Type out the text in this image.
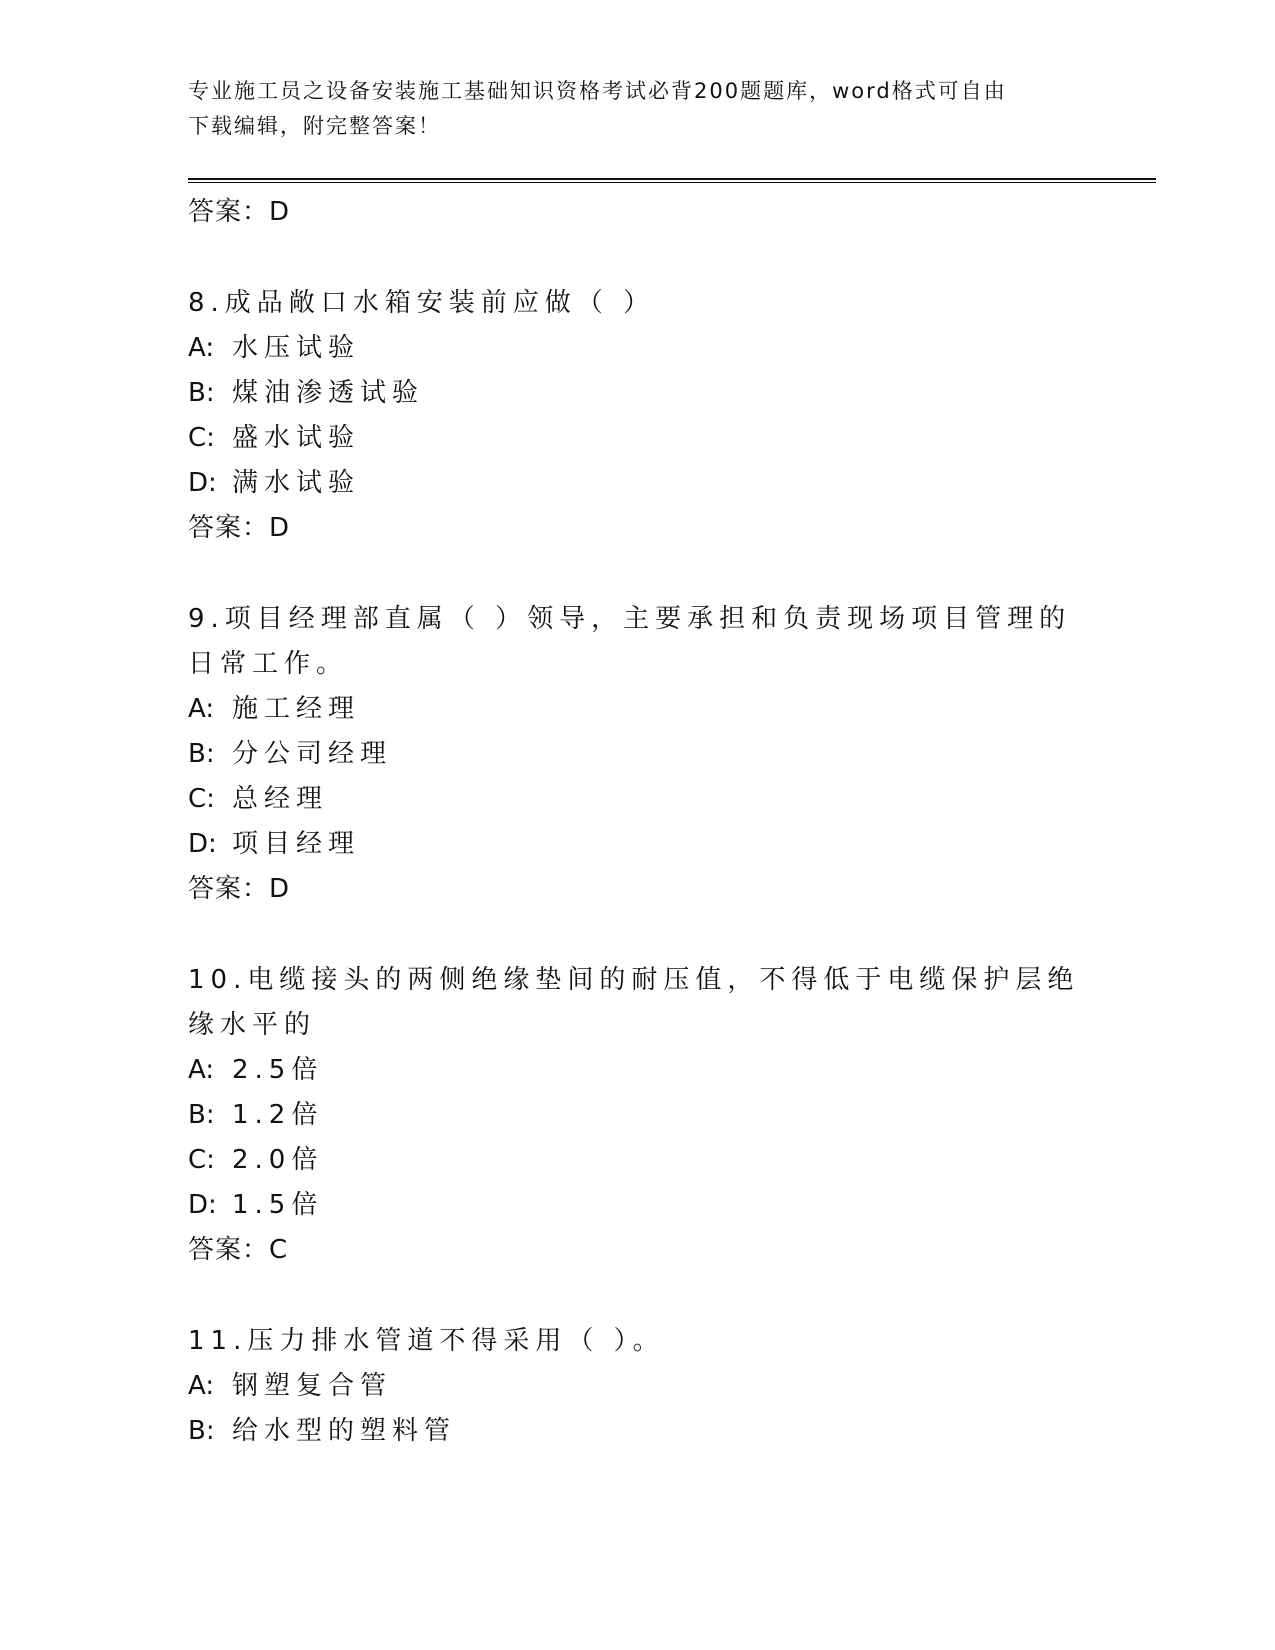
专业施工员之设备安装施工基础知识资格考试必背200题题库，word格式可自由
下载编辑，附完整答案！
答案：D
8.成品敞口水箱安装前应做（ ）
A: 水压试验
B: 煤油渗透试验
C: 盛水试验
D: 满水试验
答案：D
9.项目经理部直属（ ）领导，主要承担和负责现场项目管理的日常工作。
A: 施工经理
B: 分公司经理
C: 总经理
D: 项目经理
答案：D
10.电缆接头的两侧绝缘垫间的耐压值，不得低于电缆保护层绝缘水平的
A: 2.5倍
B: 1.2倍
C: 2.0倍
D: 1.5倍
答案：C
11.压力排水管道不得采用（ ）。
A: 钢塑复合管
B: 给水型的塑料管
